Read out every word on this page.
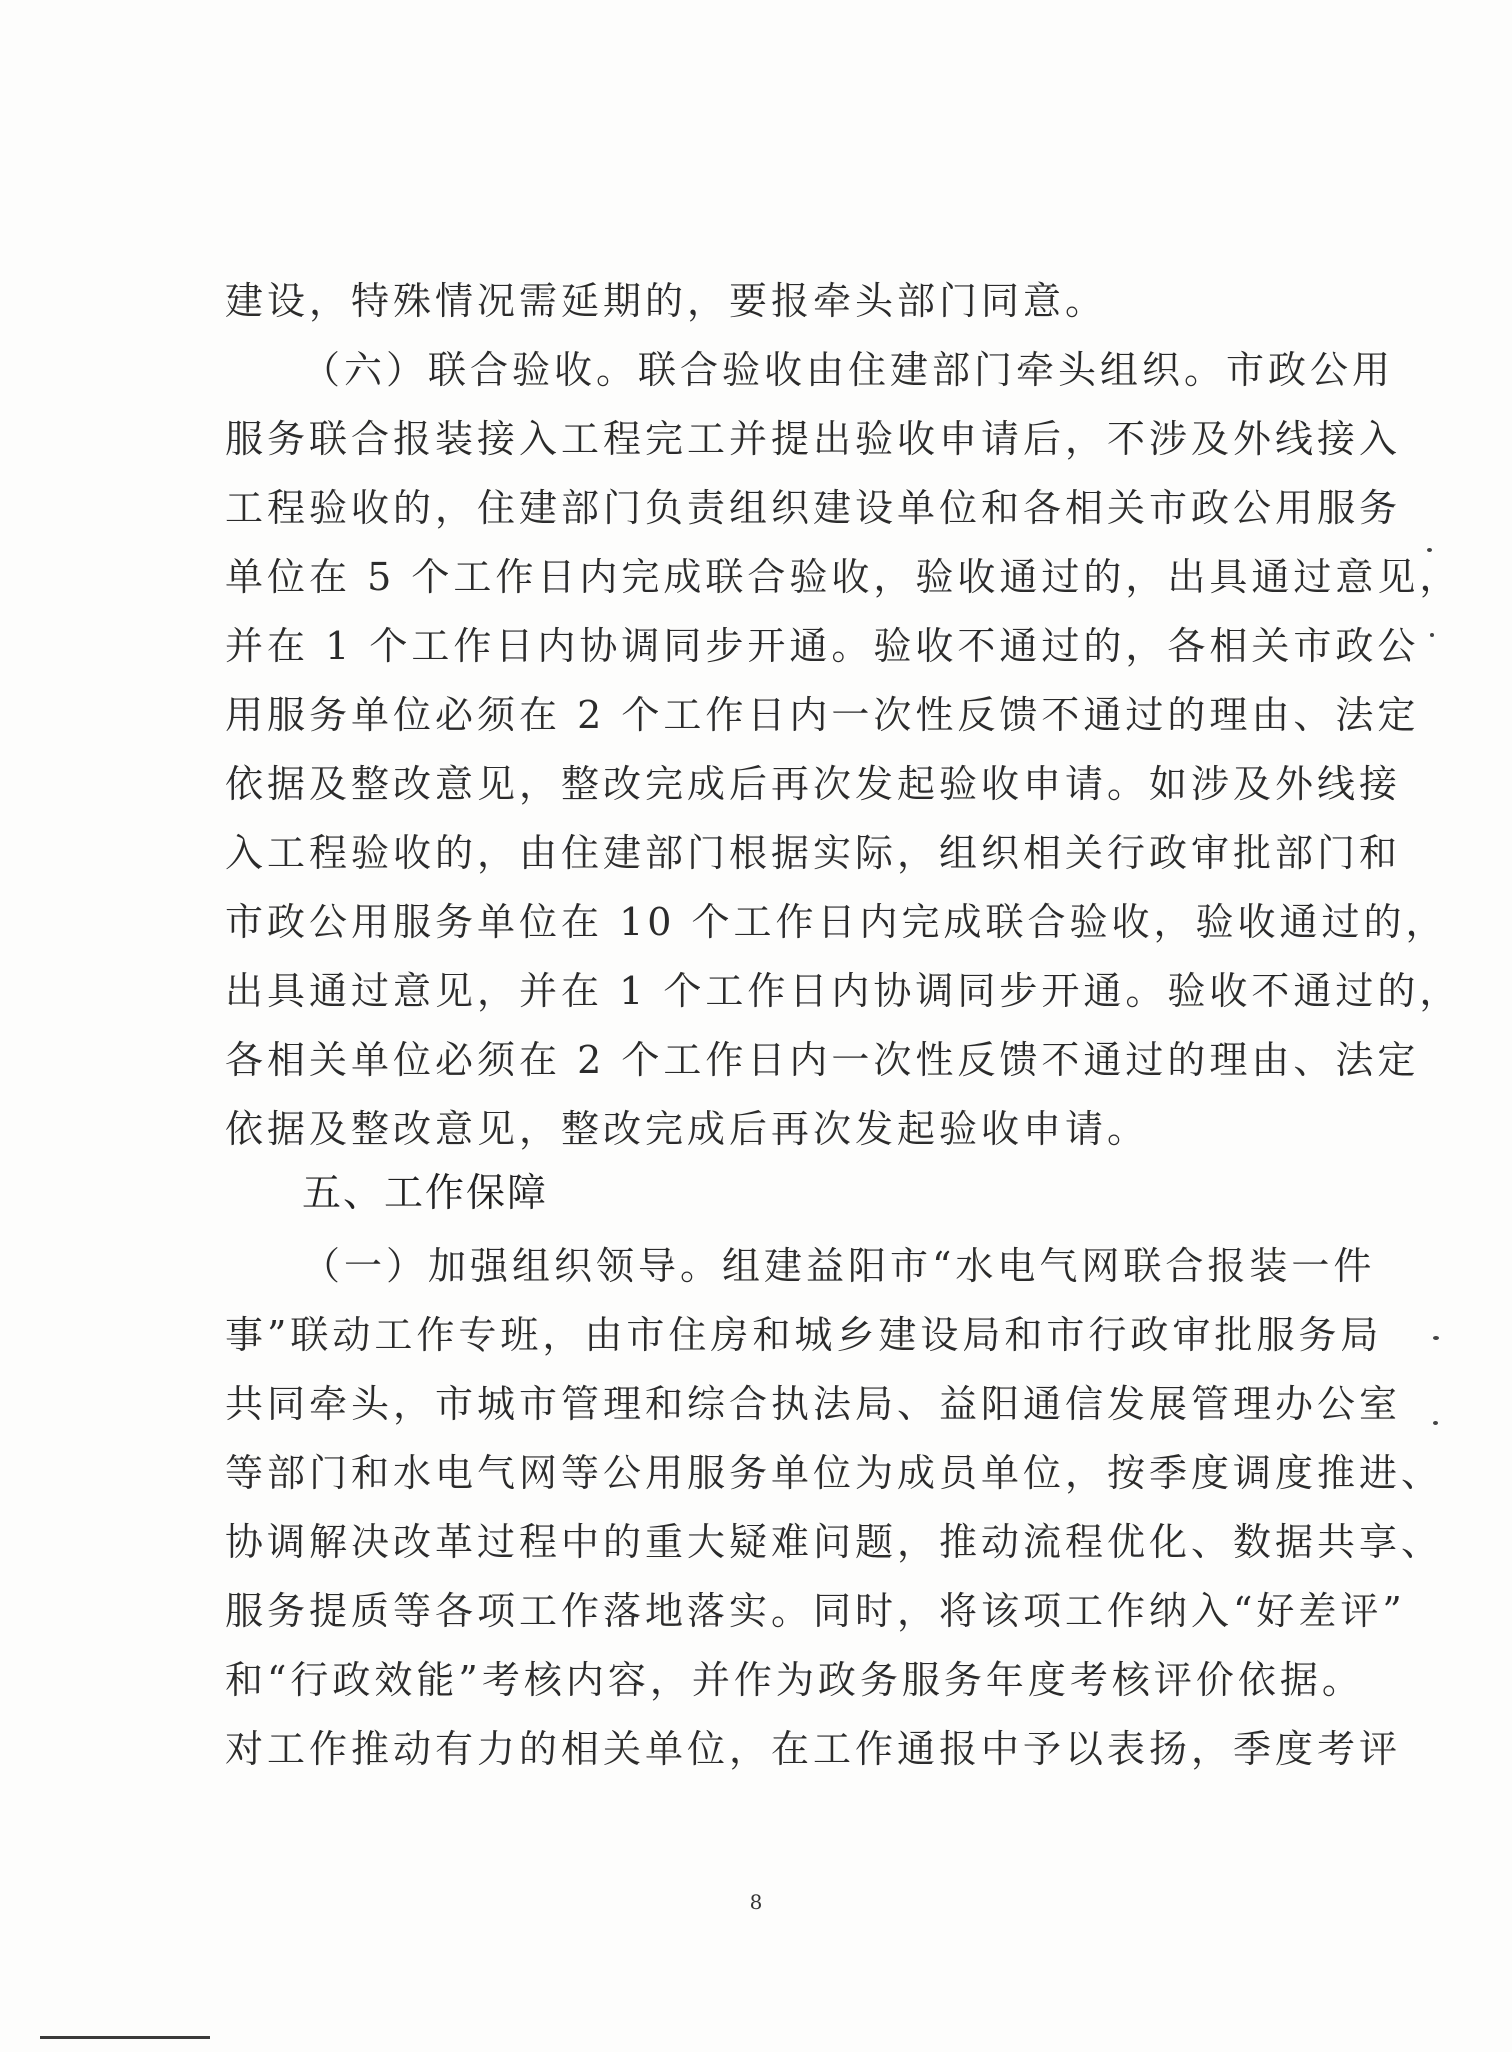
建设，特殊情况需延期的，要报牵头部门同意。
（六）联合验收。联合验收由住建部门牵头组织。市政公用
服务联合报装接入工程完工并提出验收申请后，不涉及外线接入
工程验收的，住建部门负责组织建设单位和各相关市政公用服务
单位在 5 个工作日内完成联合验收，验收通过的，出具通过意见，
并在 1 个工作日内协调同步开通。验收不通过的，各相关市政公
用服务单位必须在 2 个工作日内一次性反馈不通过的理由、法定
依据及整改意见，整改完成后再次发起验收申请。如涉及外线接
入工程验收的，由住建部门根据实际，组织相关行政审批部门和
市政公用服务单位在 10 个工作日内完成联合验收，验收通过的，
出具通过意见，并在 1 个工作日内协调同步开通。验收不通过的，
各相关单位必须在 2 个工作日内一次性反馈不通过的理由、法定
依据及整改意见，整改完成后再次发起验收申请。
五、工作保障
（一）加强组织领导。组建益阳市“水电气网联合报装一件
事”联动工作专班，由市住房和城乡建设局和市行政审批服务局
共同牵头，市城市管理和综合执法局、益阳通信发展管理办公室
等部门和水电气网等公用服务单位为成员单位，按季度调度推进、
协调解决改革过程中的重大疑难问题，推动流程优化、数据共享、
服务提质等各项工作落地落实。同时，将该项工作纳入“好差评”
和“行政效能”考核内容，并作为政务服务年度考核评价依据。
对工作推动有力的相关单位，在工作通报中予以表扬，季度考评
8
